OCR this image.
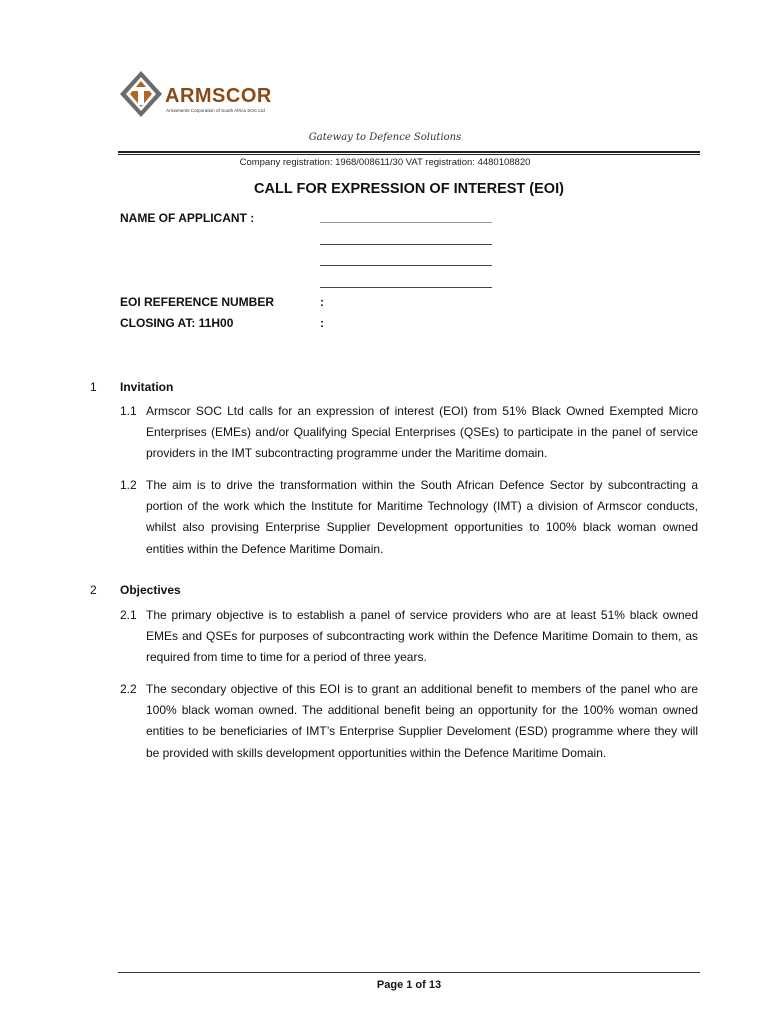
ARMSCOR
Armaments Corporation of South Africa SOC Ltd
Gateway to Defence Solutions
Company registration: 1968/008611/30 VAT registration: 4480108820
CALL FOR EXPRESSION OF INTEREST (EOI)
NAME OF APPLICANT :
EOI REFERENCE NUMBER	:
CLOSING AT: 11H00	:
1 Invitation
1.1 Armscor SOC Ltd calls for an expression of interest (EOI) from 51% Black Owned Exempted Micro Enterprises (EMEs) and/or Qualifying Special Enterprises (QSEs) to participate in the panel of service providers in the IMT subcontracting programme under the Maritime domain.
1.2 The aim is to drive the transformation within the South African Defence Sector by subcontracting a portion of the work which the Institute for Maritime Technology (IMT) a division of Armscor conducts, whilst also provising Enterprise Supplier Development opportunities to 100% black woman owned entities within the Defence Maritime Domain.
2 Objectives
2.1 The primary objective is to establish a panel of service providers who are at least 51% black owned EMEs and QSEs for purposes of subcontracting work within the Defence Maritime Domain to them, as required from time to time for a period of three years.
2.2 The secondary objective of this EOI is to grant an additional benefit to members of the panel who are 100% black woman owned. The additional benefit being an opportunity for the 100% woman owned entities to be beneficiaries of IMT’s Enterprise Supplier Develoment (ESD) programme where they will be provided with skills development opportunities within the Defence Maritime Domain.
Page 1 of 13
